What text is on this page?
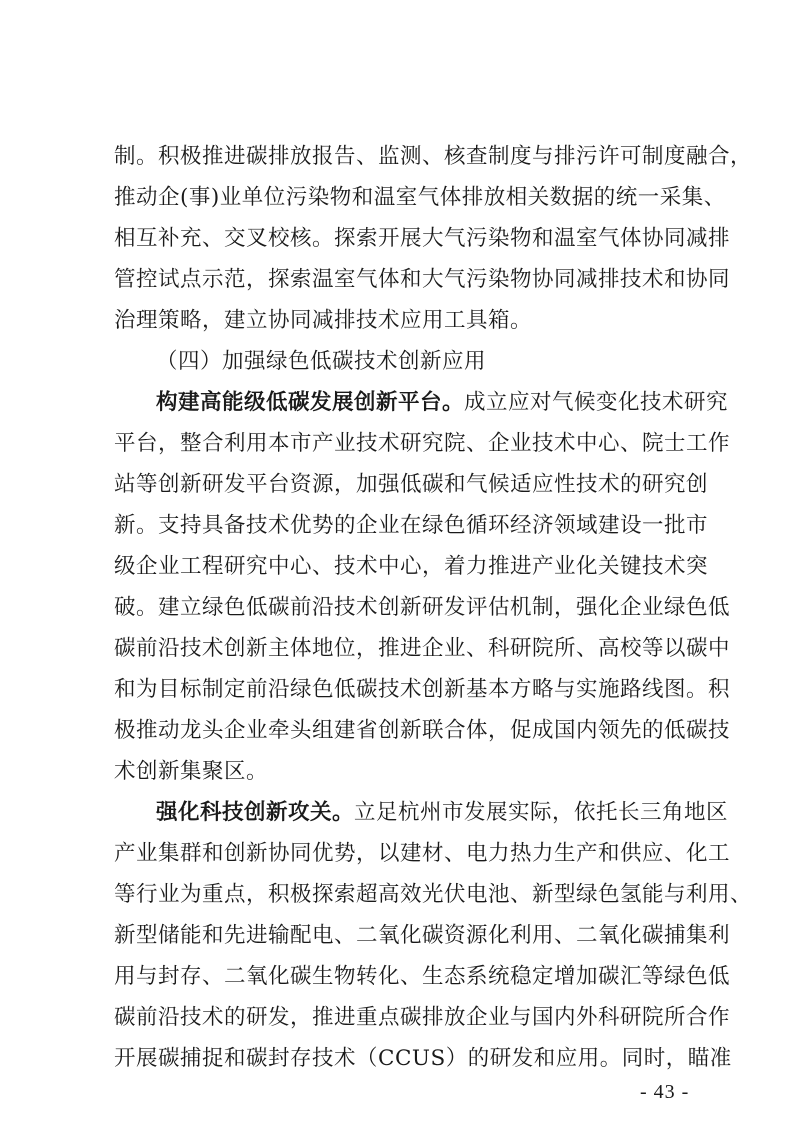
制。积极推进碳排放报告、监测、核查制度与排污许可制度融合，
推动企(事)业单位污染物和温室气体排放相关数据的统一采集、
相互补充、交叉校核。探索开展大气污染物和温室气体协同减排
管控试点示范，探索温室气体和大气污染物协同减排技术和协同
治理策略，建立协同减排技术应用工具箱。
（四）加强绿色低碳技术创新应用
构建高能级低碳发展创新平台。成立应对气候变化技术研究
平台，整合利用本市产业技术研究院、企业技术中心、院士工作
站等创新研发平台资源，加强低碳和气候适应性技术的研究创
新。支持具备技术优势的企业在绿色循环经济领域建设一批市
级企业工程研究中心、技术中心，着力推进产业化关键技术突
破。建立绿色低碳前沿技术创新研发评估机制，强化企业绿色低
碳前沿技术创新主体地位，推进企业、科研院所、高校等以碳中
和为目标制定前沿绿色低碳技术创新基本方略与实施路线图。积
极推动龙头企业牵头组建省创新联合体，促成国内领先的低碳技
术创新集聚区。
强化科技创新攻关。立足杭州市发展实际，依托长三角地区
产业集群和创新协同优势，以建材、电力热力生产和供应、化工
等行业为重点，积极探索超高效光伏电池、新型绿色氢能与利用、
新型储能和先进输配电、二氧化碳资源化利用、二氧化碳捕集利
用与封存、二氧化碳生物转化、生态系统稳定增加碳汇等绿色低
碳前沿技术的研发，推进重点碳排放企业与国内外科研院所合作
开展碳捕捉和碳封存技术（CCUS）的研发和应用。同时，瞄准
- 43 -
